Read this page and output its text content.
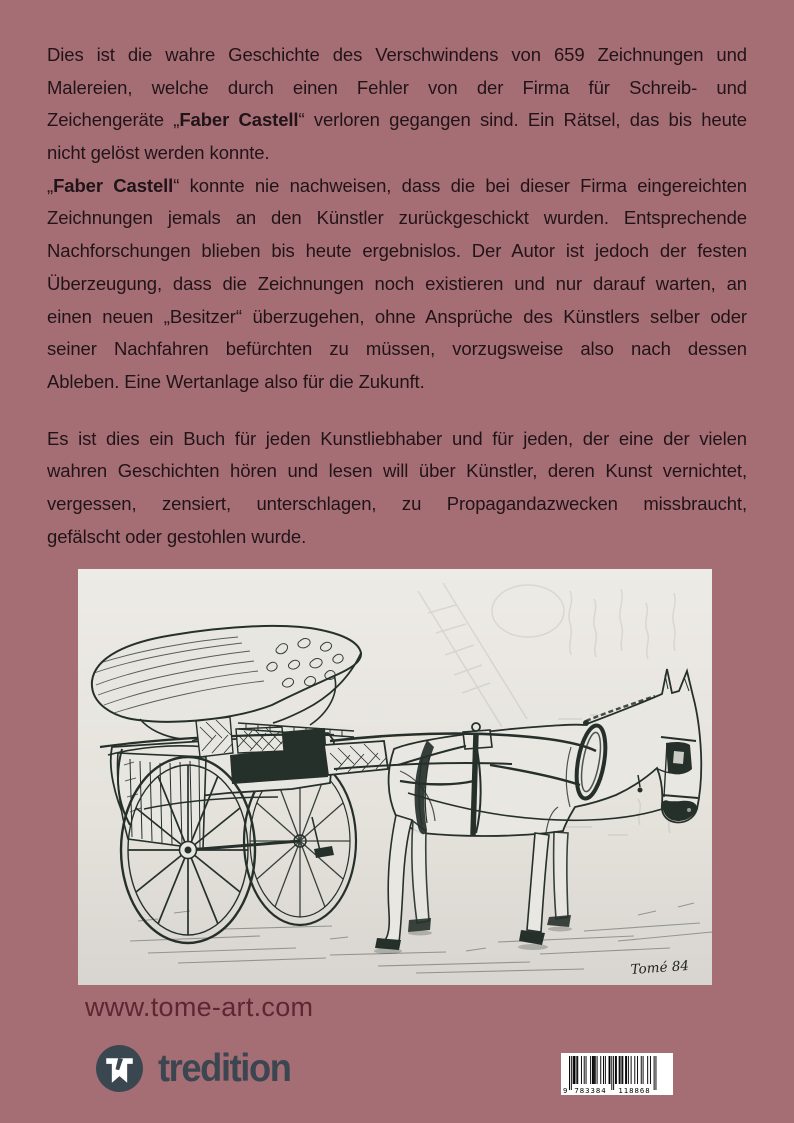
Dies ist die wahre Geschichte des Verschwindens von 659 Zeichnungen und
Malereien, welche durch einen Fehler von der Firma für Schreib- und
Zeichengeräte „Faber Castell“ verloren gegangen sind. Ein Rätsel, das bis heute
nicht gelöst werden konnte.
„Faber Castell“ konnte nie nachweisen, dass die bei dieser Firma eingereichten
Zeichnungen jemals an den Künstler zurückgeschickt wurden. Entsprechende
Nachforschungen blieben bis heute ergebnislos. Der Autor ist jedoch der festen
Überzeugung, dass die Zeichnungen noch existieren und nur darauf warten, an
einen neuen „Besitzer“ überzugehen, ohne Ansprüche des Künstlers selber oder
seiner Nachfahren befürchten zu müssen, vorzugsweise also nach dessen
Ableben. Eine Wertanlage also für die Zukunft.
Es ist dies ein Buch für jeden Kunstliebhaber und für jeden, der eine der vielen
wahren Geschichten hören und lesen will über Künstler, deren Kunst vernichtet,
vergessen, zensiert, unterschlagen, zu Propagandazwecken missbraucht,
gefälscht oder gestohlen wurde.
Tomé 84
www.tome-art.com
tredition
9 783384 118868
